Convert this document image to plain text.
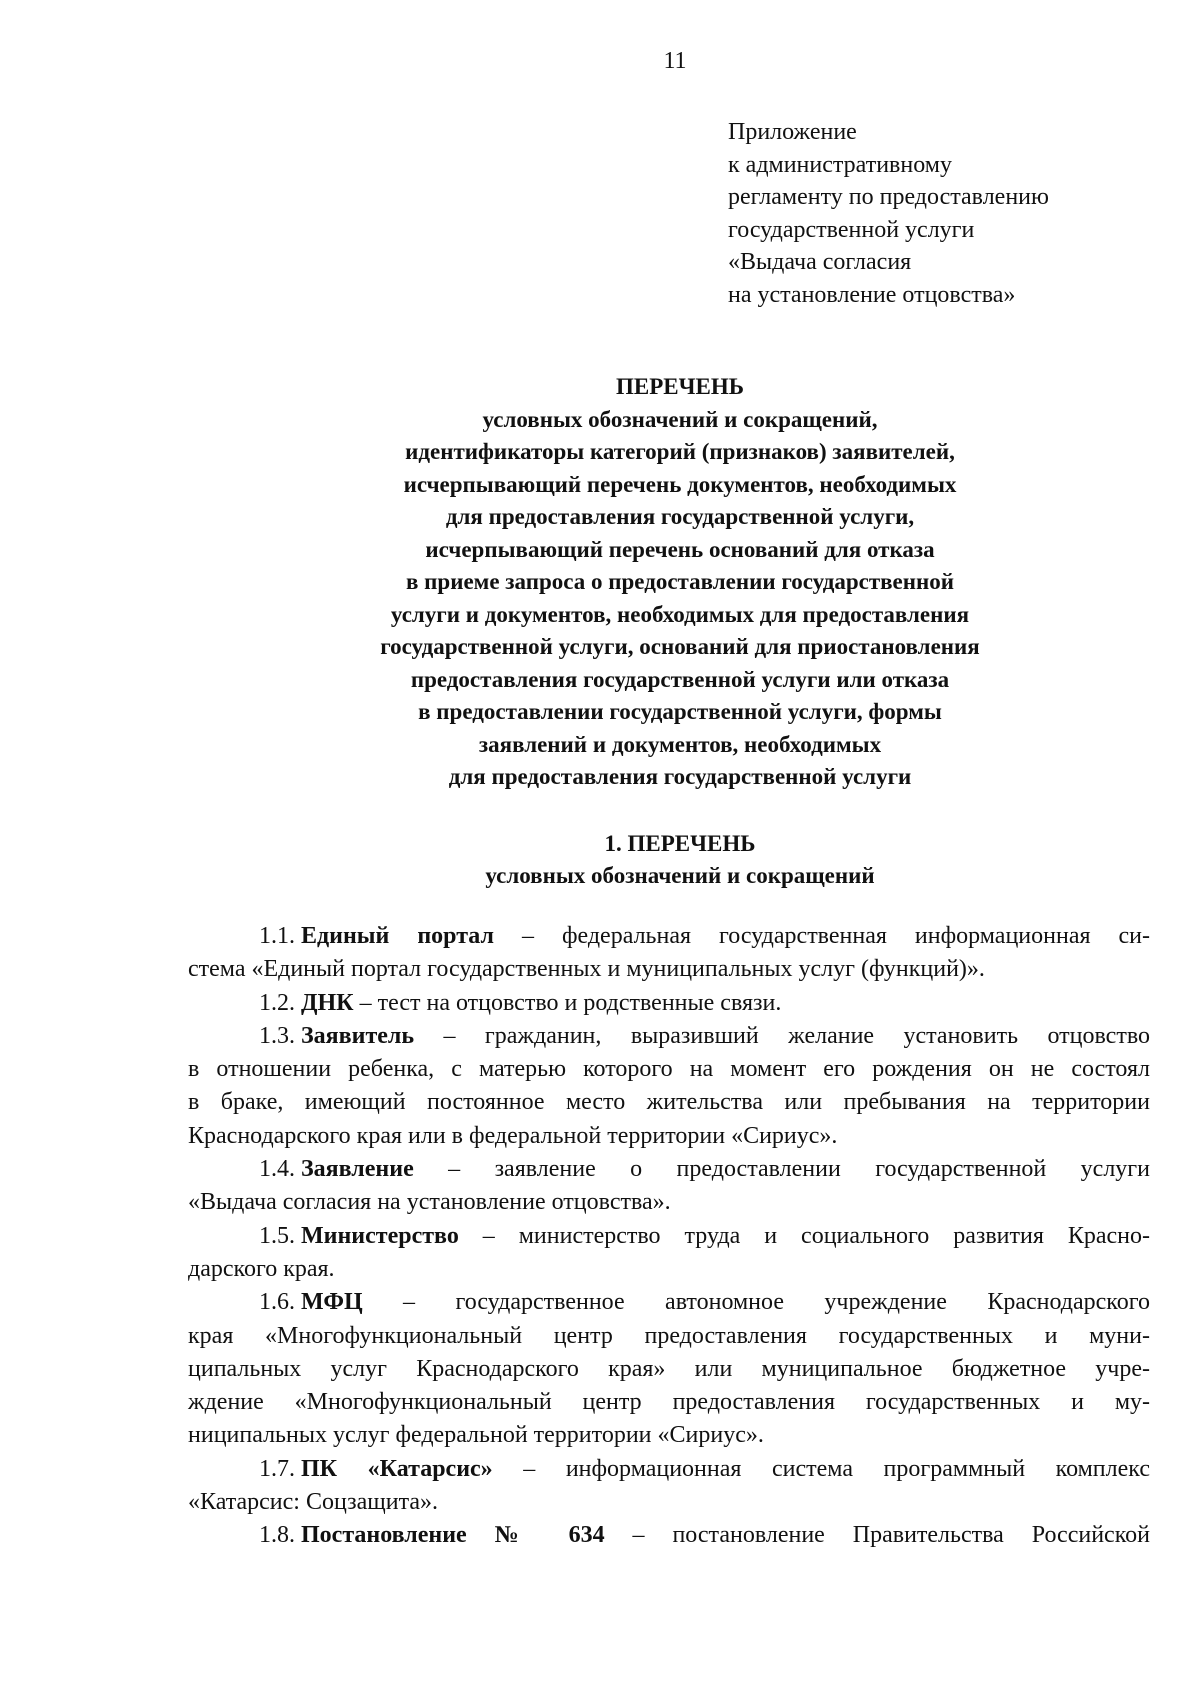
11
Приложение
к административному
регламенту по предоставлению
государственной услуги
«Выдача согласия
на установление отцовства»
ПЕРЕЧЕНЬ
условных обозначений и сокращений,
идентификаторы категорий (признаков) заявителей,
исчерпывающий перечень документов, необходимых
для предоставления государственной услуги,
исчерпывающий перечень оснований для отказа
в приеме запроса о предоставлении государственной
услуги и документов, необходимых для предоставления
государственной услуги, оснований для приостановления
предоставления государственной услуги или отказа
в предоставлении государственной услуги, формы
заявлений и документов, необходимых
для предоставления государственной услуги
1. ПЕРЕЧЕНЬ
условных обозначений и сокращений
1.1. Единый портал – федеральная государственная информационная си-
стема «Единый портал государственных и муниципальных услуг (функций)».
1.2. ДНК – тест на отцовство и родственные связи.
1.3. Заявитель – гражданин, выразивший желание установить отцовство
в отношении ребенка, с матерью которого на момент его рождения он не состоял
в браке, имеющий постоянное место жительства или пребывания на территории
Краснодарского края или в федеральной территории «Сириус».
1.4. Заявление – заявление о предоставлении государственной услуги
«Выдача согласия на установление отцовства».
1.5. Министерство – министерство труда и социального развития Красно-
дарского края.
1.6. МФЦ – государственное автономное учреждение Краснодарского
края «Многофункциональный центр предоставления государственных и муни-
ципальных услуг Краснодарского края» или муниципальное бюджетное учре-
ждение «Многофункциональный центр предоставления государственных и му-
ниципальных услуг федеральной территории «Сириус».
1.7. ПК «Катарсис» – информационная система программный комплекс
«Катарсис: Соцзащита».
1.8. Постановление № 634 – постановление Правительства Российской
